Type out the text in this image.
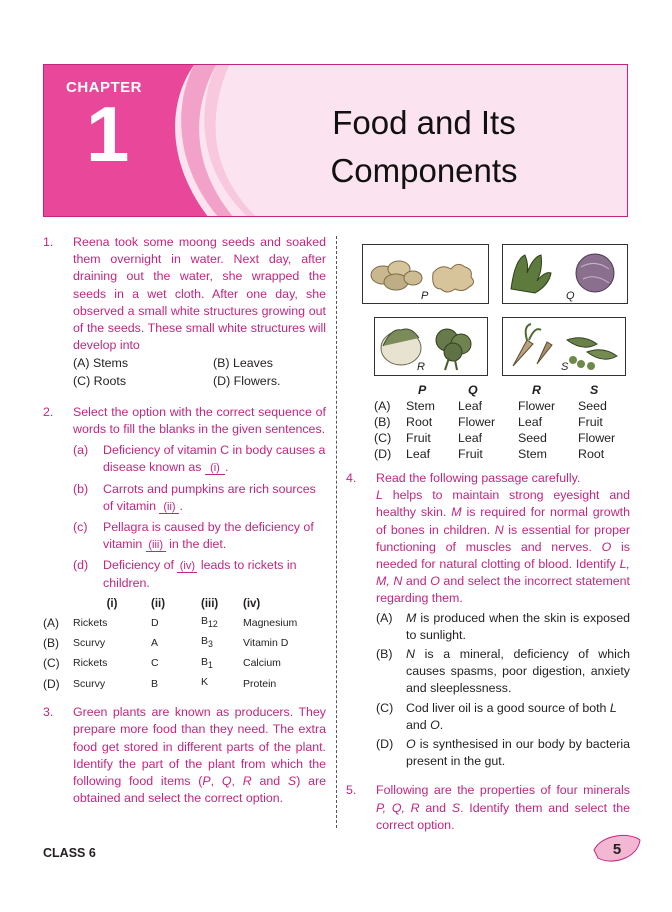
CHAPTER
1	Food and Its
Components
1. Reena took some moong seeds and soaked them overnight in water. Next day, after draining out the water, she wrapped the seeds in a wet cloth. After one day, she observed a small white structures growing out of the seeds. These small white structures will develop into
(A) Stems	(B) Leaves
(C) Roots	(D) Flowers.
2. Select the option with the correct sequence of words to fill the blanks in the given sentences.
(a) Deficiency of vitamin C in body causes a disease known as (i) .
(b) Carrots and pumpkins are rich sources of vitamin (ii) .
(c) Pellagra is caused by the deficiency of vitamin (iii) in the diet.
(d) Deficiency of (iv) leads to rickets in children.
	(i)	(ii)	(iii)	(iv)
(A)	Rickets	D	$B_{12}$	Magnesium
(B)	Scurvy	A	$B_3$	Vitamin D
(C)	Rickets	C	$B_1$	Calcium
(D)	Scurvy	B	K	Protein
3. Green plants are known as producers. They prepare more food than they need. The extra food get stored in different parts of the plant. Identify the part of the plant from which the following food items (P, Q, R and S) are obtained and select the correct option.
P	Q
R	S
	P	Q	R	S
(A)	Stem	Leaf	Flower	Seed
(B)	Root	Flower	Leaf	Fruit
(C)	Fruit	Leaf	Seed	Flower
(D)	Leaf	Fruit	Stem	Root
4. Read the following passage carefully.
L helps to maintain strong eyesight and healthy skin. M is required for normal growth of bones in children. N is essential for proper functioning of muscles and nerves. O is needed for natural clotting of blood. Identify L, M, N and O and select the incorrect statement regarding them.
(A) M is produced when the skin is exposed to sunlight.
(B) N is a mineral, deficiency of which causes spasms, poor digestion, anxiety and sleeplessness.
(C) Cod liver oil is a good source of both L and O.
(D) O is synthesised in our body by bacteria present in the gut.
5. Following are the properties of four minerals P, Q, R and S. Identify them and select the correct option.
CLASS 6	5
